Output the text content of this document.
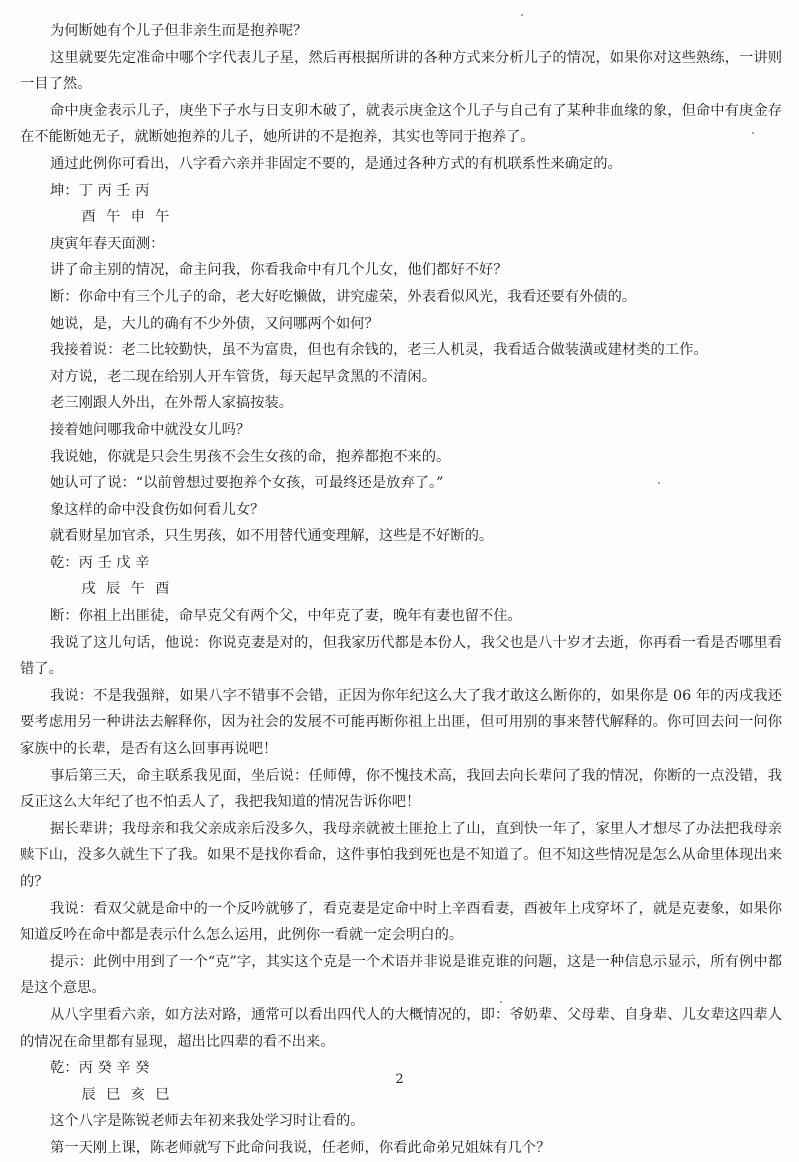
为何断她有个儿子但非亲生而是抱养呢？

这里就要先定准命中哪个字代表儿子星，然后再根据所讲的各种方式来分析儿子的情况，如果你对这些熟练，一讲则一目了然。

命中庚金表示儿子，庚坐下子水与日支卯木破了，就表示庚金这个儿子与自己有了某种非血缘的象，但命中有庚金存在不能断她无子，就断她抱养的儿子，她所讲的不是抱养，其实也等同于抱养了。

通过此例你可看出，八字看六亲并非固定不要的，是通过各种方式的有机联系性来确定的。

坤：丁 丙 壬 丙

酉 午 申 午

庚寅年春天面测：

讲了命主别的情况，命主问我，你看我命中有几个儿女，他们都好不好？

断：你命中有三个儿子的命，老大好吃懒做，讲究虚荣，外表看似风光，我看还要有外债的。

她说，是，大儿的确有不少外债，又问哪两个如何？

我接着说：老二比较勤快，虽不为富贵，但也有余钱的，老三人机灵，我看适合做装潢或建材类的工作。

对方说，老二现在给别人开车管货，每天起早贪黑的不清闲。

老三刚跟人外出，在外帮人家搞按装。

接着她问哪我命中就没女儿吗？

我说她，你就是只会生男孩不会生女孩的命，抱养都抱不来的。

她认可了说：“以前曾想过要抱养个女孩，可最终还是放弃了。”

象这样的命中没食伤如何看儿女？

就看财星加官杀，只生男孩，如不用替代通变理解，这些是不好断的。

乾：丙 壬 戊 辛

戌 辰 午 酉

断：你祖上出匪徒，命早克父有两个父，中年克了妻，晚年有妻也留不住。

我说了这儿句话，他说：你说克妻是对的，但我家历代都是本份人，我父也是八十岁才去逝，你再看一看是否哪里看错了。

我说：不是我强辩，如果八字不错事不会错，正因为你年纪这么大了我才敢这么断你的，如果你是 06 年的丙戌我还要考虑用另一种讲法去解释你，因为社会的发展不可能再断你祖上出匪，但可用别的事来替代解释的。你可回去问一问你家族中的长辈，是否有这么回事再说吧！

事后第三天，命主联系我见面，坐后说：任师傅，你不愧技术高，我回去向长辈问了我的情况，你断的一点没错，我反正这么大年纪了也不怕丢人了，我把我知道的情况告诉你吧！

据长辈讲；我母亲和我父亲成亲后没多久，我母亲就被土匪抢上了山，直到快一年了，家里人才想尽了办法把我母亲赎下山，没多久就生下了我。如果不是找你看命，这件事怕我到死也是不知道了。但不知这些情况是怎么从命里体现出来的？

我说：看双父就是命中的一个反吟就够了，看克妻是定命中时上辛酉看妻，酉被年上戌穿坏了，就是克妻象，如果你知道反吟在命中都是表示什么怎么运用，此例你一看就一定会明白的。

提示：此例中用到了一个“克”字，其实这个克是一个术语并非说是谁克谁的问题，这是一种信息示显示，所有例中都是这个意思。

从八字里看六亲，如方法对路，通常可以看出四代人的大概情况的，即：爷奶辈、父母辈、自身辈、儿女辈这四辈人的情况在命里都有显现，超出比四辈的看不出来。

乾：丙 癸 辛 癸

辰 巳 亥 巳

这个八字是陈锐老师去年初来我处学习时让看的。

第一天刚上课，陈老师就写下此命问我说，任老师，你看此命弟兄姐妹有几个？

2
